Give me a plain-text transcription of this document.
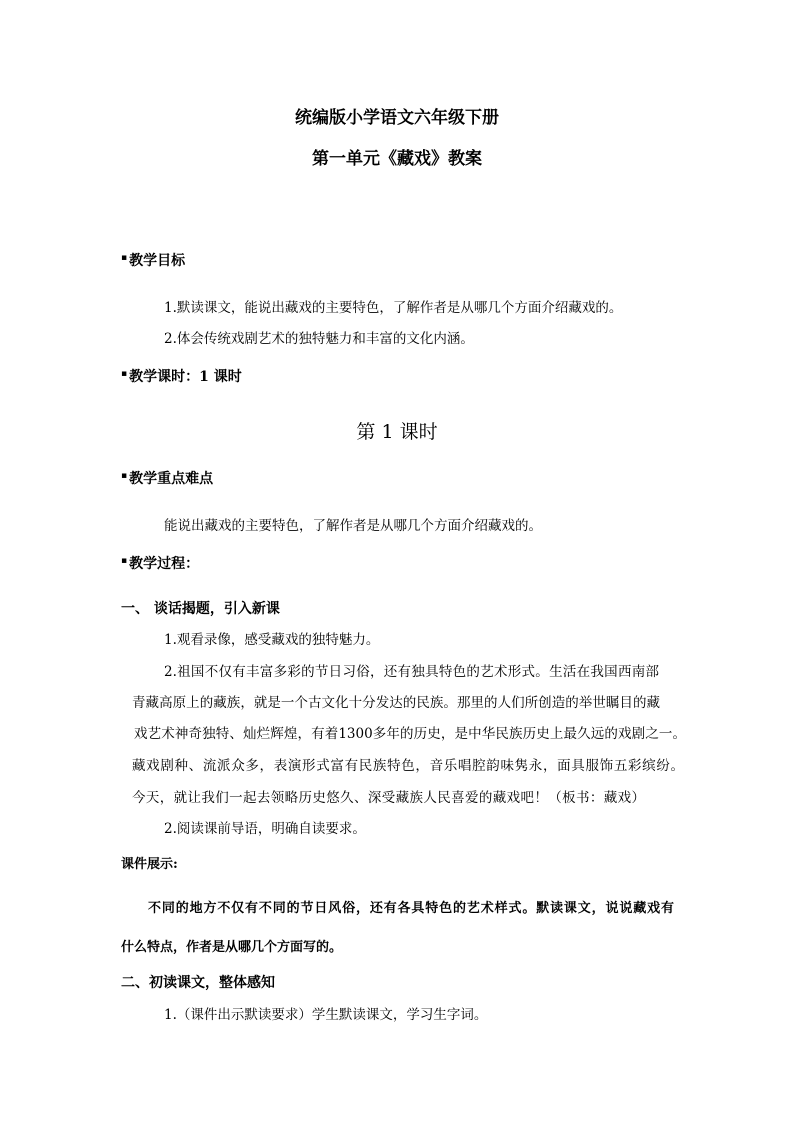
统编版小学语文六年级下册
第一单元《藏戏》教案
▪ 教学目标
1.默读课文，能说出藏戏的主要特色，了解作者是从哪几个方面介绍藏戏的。
2.体会传统戏剧艺术的独特魅力和丰富的文化内涵。
▪ 教学课时：1 课时
第 1 课时
▪ 教学重点难点
能说出藏戏的主要特色，了解作者是从哪几个方面介绍藏戏的。
▪ 教学过程：
一、 谈话揭题，引入新课
1.观看录像，感受藏戏的独特魅力。
2.祖国不仅有丰富多彩的节日习俗，还有独具特色的艺术形式。生活在我国西南部
青藏高原上的藏族，就是一个古文化十分发达的民族。那里的人们所创造的举世瞩目的藏
戏艺术神奇独特、灿烂辉煌，有着1300多年的历史，是中华民族历史上最久远的戏剧之一。
藏戏剧种、流派众多，表演形式富有民族特色，音乐唱腔韵味隽永，面具服饰五彩缤纷。
今天，就让我们一起去领略历史悠久、深受藏族人民喜爱的藏戏吧！（板书：藏戏）
2.阅读课前导语，明确自读要求。
课件展示:
不同的地方不仅有不同的节日风俗，还有各具特色的艺术样式。默读课文，说说藏戏有
什么特点，作者是从哪几个方面写的。
二、初读课文，整体感知
1.（课件出示默读要求）学生默读课文，学习生字词。
